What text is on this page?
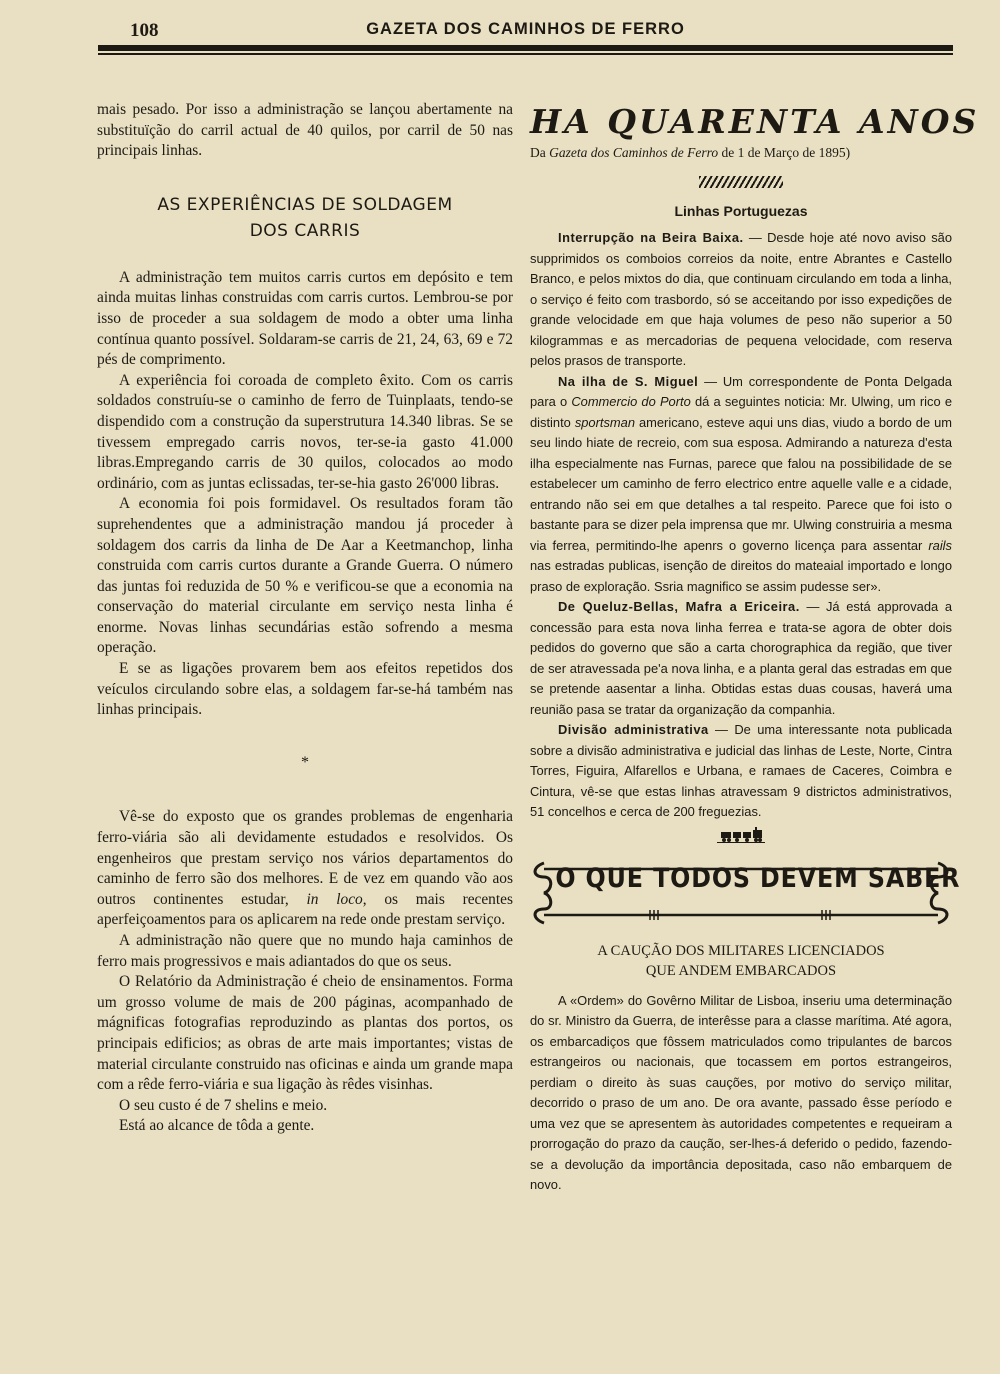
108	GAZETA DOS CAMINHOS DE FERRO

mais pesado. Por isso a administração se lançou abertamente na substituïção do carril actual de 40 quilos, por carril de 50 nas principais linhas.

AS EXPERIÊNCIAS DE SOLDAGEM
DOS CARRIS

A administração tem muitos carris curtos em depósito e tem ainda muitas linhas construidas com carris curtos. Lembrou-se por isso de proceder a sua soldagem de modo a obter uma linha contínua quanto possível. Soldaram-se carris de 21, 24, 63, 69 e 72 pés de comprimento.

A experiência foi coroada de completo êxito. Com os carris soldados construíu-se o caminho de ferro de Tuinplaats, tendo-se dispendido com a construção da superstrutura 14.340 libras. Se se tivessem empregado carris novos, ter-se-ia gasto 41.000 libras.Empregando carris de 30 quilos, colocados ao modo ordinário, com as juntas eclissadas, ter-se-hia gasto 26'000 libras.

A economia foi pois formidavel. Os resultados foram tão suprehendentes que a administração mandou já proceder à soldagem dos carris da linha de De Aar a Keetmanchop, linha construida com carris curtos durante a Grande Guerra. O número das juntas foi reduzida de 50 % e verificou-se que a economia na conservação do material circulante em serviço nesta linha é enorme. Novas linhas secundárias estão sofrendo a mesma operação.

E se as ligações provarem bem aos efeitos repetidos dos veículos circulando sobre elas, a soldagem far-se-há também nas linhas principais.

*

Vê-se do exposto que os grandes problemas de engenharia ferro-viária são ali devidamente estudados e resolvidos. Os engenheiros que prestam serviço nos vários departamentos do caminho de ferro são dos melhores. E de vez em quando vão aos outros continentes estudar, in loco, os mais recentes aperfeiçoamentos para os aplicarem na rede onde prestam serviço.

A administração não quere que no mundo haja caminhos de ferro mais progressivos e mais adiantados do que os seus.

O Relatório da Administração é cheio de ensinamentos. Forma um grosso volume de mais de 200 páginas, acompanhado de mágnificas fotografias reproduzindo as plantas dos portos, os principais edificios; as obras de arte mais importantes; vistas de material circulante construido nas oficinas e ainda um grande mapa com a rêde ferro-viária e sua ligação às rêdes visinhas.

O seu custo é de 7 shelins e meio.

Está ao alcance de tôda a gente.

HA QUARENTA ANOS

Da Gazeta dos Caminhos de Ferro de 1 de Março de 1895)

Linhas Portuguezas

Interrupção na Beira Baixa. — Desde hoje até novo aviso são supprimidos os comboios correios da noite, entre Abrantes e Castello Branco, e pelos mixtos do dia, que continuam circulando em toda a linha, o serviço é feito com trasbordo, só se acceitando por isso expedições de grande velocidade em que haja volumes de peso não superior a 50 kilogrammas e as mercadorias de pequena velocidade, com reserva pelos prasos de transporte.

Na ilha de S. Miguel — Um correspondente de Ponta Delgada para o Commercio do Porto dá a seguintes noticia: Mr. Ulwing, um rico e distinto sportsman americano, esteve aqui uns dias, viudo a bordo de um seu lindo hiate de recreio, com sua esposa. Admirando a natureza d'esta ilha especialmente nas Furnas, parece que falou na possibilidade de se estabelecer um caminho de ferro electrico entre aquelle valle e a cidade, entrando não sei em que detalhes a tal respeito. Parece que foi isto o bastante para se dizer pela imprensa que mr. Ulwing construiria a mesma via ferrea, permitindo-lhe apenrs o governo licença para assentar rails nas estradas publicas, isenção de direitos do mateaial importado e longo praso de exploração. Ssria magnifico se assim pudesse ser».

De Queluz-Bellas, Mafra a Ericeira. — Já está approvada a concessão para esta nova linha ferrea e trata-se agora de obter dois pedidos do governo que são a carta chorographica da região, que tiver de ser atravessada pe'a nova linha, e a planta geral das estradas em que se pretende aasentar a linha. Obtidas estas duas cousas, haverá uma reunião pasa se tratar da organização da companhia.

Divisão administrativa — De uma interessante nota publicada sobre a divisão administrativa e judicial das linhas de Leste, Norte, Cintra Torres, Figuira, Alfarellos e Urbana, e ramaes de Caceres, Coimbra e Cintura, vê-se que estas linhas atravessam 9 districtos administrativos, 51 concelhos e cerca de 200 freguezias.

O QUE TODOS DEVEM SABER
A CAUÇÃO DOS MILITARES LICENCIADOS
QUE ANDEM EMBARCADOS

A «Ordem» do Govêrno Militar de Lisboa, inseriu uma determinação do sr. Ministro da Guerra, de interêsse para a classe marítima. Até agora, os embarcadiços que fôssem matriculados como tripulantes de barcos estrangeiros ou nacionais, que tocassem em portos estrangeiros, perdiam o direito às suas cauções, por motivo do serviço militar, decorrido o praso de um ano. De ora avante, passado êsse período e uma vez que se apresentem às autoridades competentes e requeiram a prorrogação do prazo da caução, ser-lhes-á deferido o pedido, fazendo-se a devolução da importância depositada, caso não embarquem de novo.
